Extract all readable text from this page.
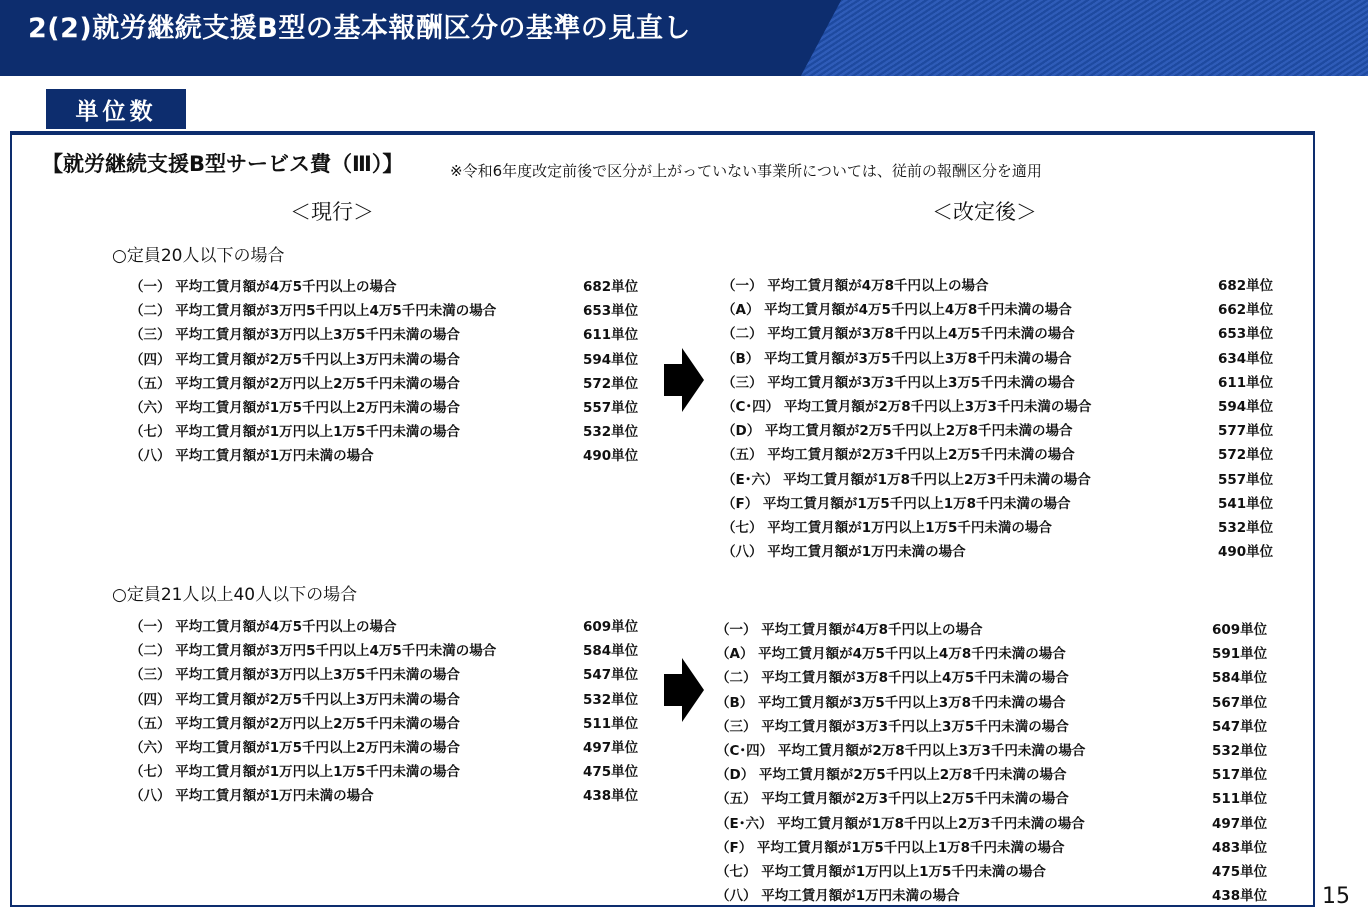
2(2)就労継続支援B型の基本報酬区分の基準の見直し
単位数
【就労継続支援B型サービス費（Ⅲ）】	※令和6年度改定前後で区分が上がっていない事業所については、従前の報酬区分を適用
＜現行＞	＜改定後＞
○定員20人以下の場合
○定員21人以上40人以下の場合
（一） 平均工賃月額が4万5千円以上の場合	682単位
（二） 平均工賃月額が3万円5千円以上4万5千円未満の場合	653単位
（三） 平均工賃月額が3万円以上3万5千円未満の場合	611単位
（四） 平均工賃月額が2万5千円以上3万円未満の場合	594単位
（五） 平均工賃月額が2万円以上2万5千円未満の場合	572単位
（六） 平均工賃月額が1万5千円以上2万円未満の場合	557単位
（七） 平均工賃月額が1万円以上1万5千円未満の場合	532単位
（八） 平均工賃月額が1万円未満の場合	490単位
（一） 平均工賃月額が4万8千円以上の場合	682単位
（A） 平均工賃月額が4万5千円以上4万8千円未満の場合	662単位
（二） 平均工賃月額が3万8千円以上4万5千円未満の場合	653単位
（B） 平均工賃月額が3万5千円以上3万8千円未満の場合	634単位
（三） 平均工賃月額が3万3千円以上3万5千円未満の場合	611単位
（C･四） 平均工賃月額が2万8千円以上3万3千円未満の場合	594単位
（D） 平均工賃月額が2万5千円以上2万8千円未満の場合	577単位
（五） 平均工賃月額が2万3千円以上2万5千円未満の場合	572単位
（E･六） 平均工賃月額が1万8千円以上2万3千円未満の場合	557単位
（F） 平均工賃月額が1万5千円以上1万8千円未満の場合	541単位
（七） 平均工賃月額が1万円以上1万5千円未満の場合	532単位
（八） 平均工賃月額が1万円未満の場合	490単位
（一） 平均工賃月額が4万5千円以上の場合	609単位
（二） 平均工賃月額が3万円5千円以上4万5千円未満の場合	584単位
（三） 平均工賃月額が3万円以上3万5千円未満の場合	547単位
（四） 平均工賃月額が2万5千円以上3万円未満の場合	532単位
（五） 平均工賃月額が2万円以上2万5千円未満の場合	511単位
（六） 平均工賃月額が1万5千円以上2万円未満の場合	497単位
（七） 平均工賃月額が1万円以上1万5千円未満の場合	475単位
（八） 平均工賃月額が1万円未満の場合	438単位
（一） 平均工賃月額が4万8千円以上の場合	609単位
（A） 平均工賃月額が4万5千円以上4万8千円未満の場合	591単位
（二） 平均工賃月額が3万8千円以上4万5千円未満の場合	584単位
（B） 平均工賃月額が3万5千円以上3万8千円未満の場合	567単位
（三） 平均工賃月額が3万3千円以上3万5千円未満の場合	547単位
（C･四） 平均工賃月額が2万8千円以上3万3千円未満の場合	532単位
（D） 平均工賃月額が2万5千円以上2万8千円未満の場合	517単位
（五） 平均工賃月額が2万3千円以上2万5千円未満の場合	511単位
（E･六） 平均工賃月額が1万8千円以上2万3千円未満の場合	497単位
（F） 平均工賃月額が1万5千円以上1万8千円未満の場合	483単位
（七） 平均工賃月額が1万円以上1万5千円未満の場合	475単位
（八） 平均工賃月額が1万円未満の場合	438単位 15
